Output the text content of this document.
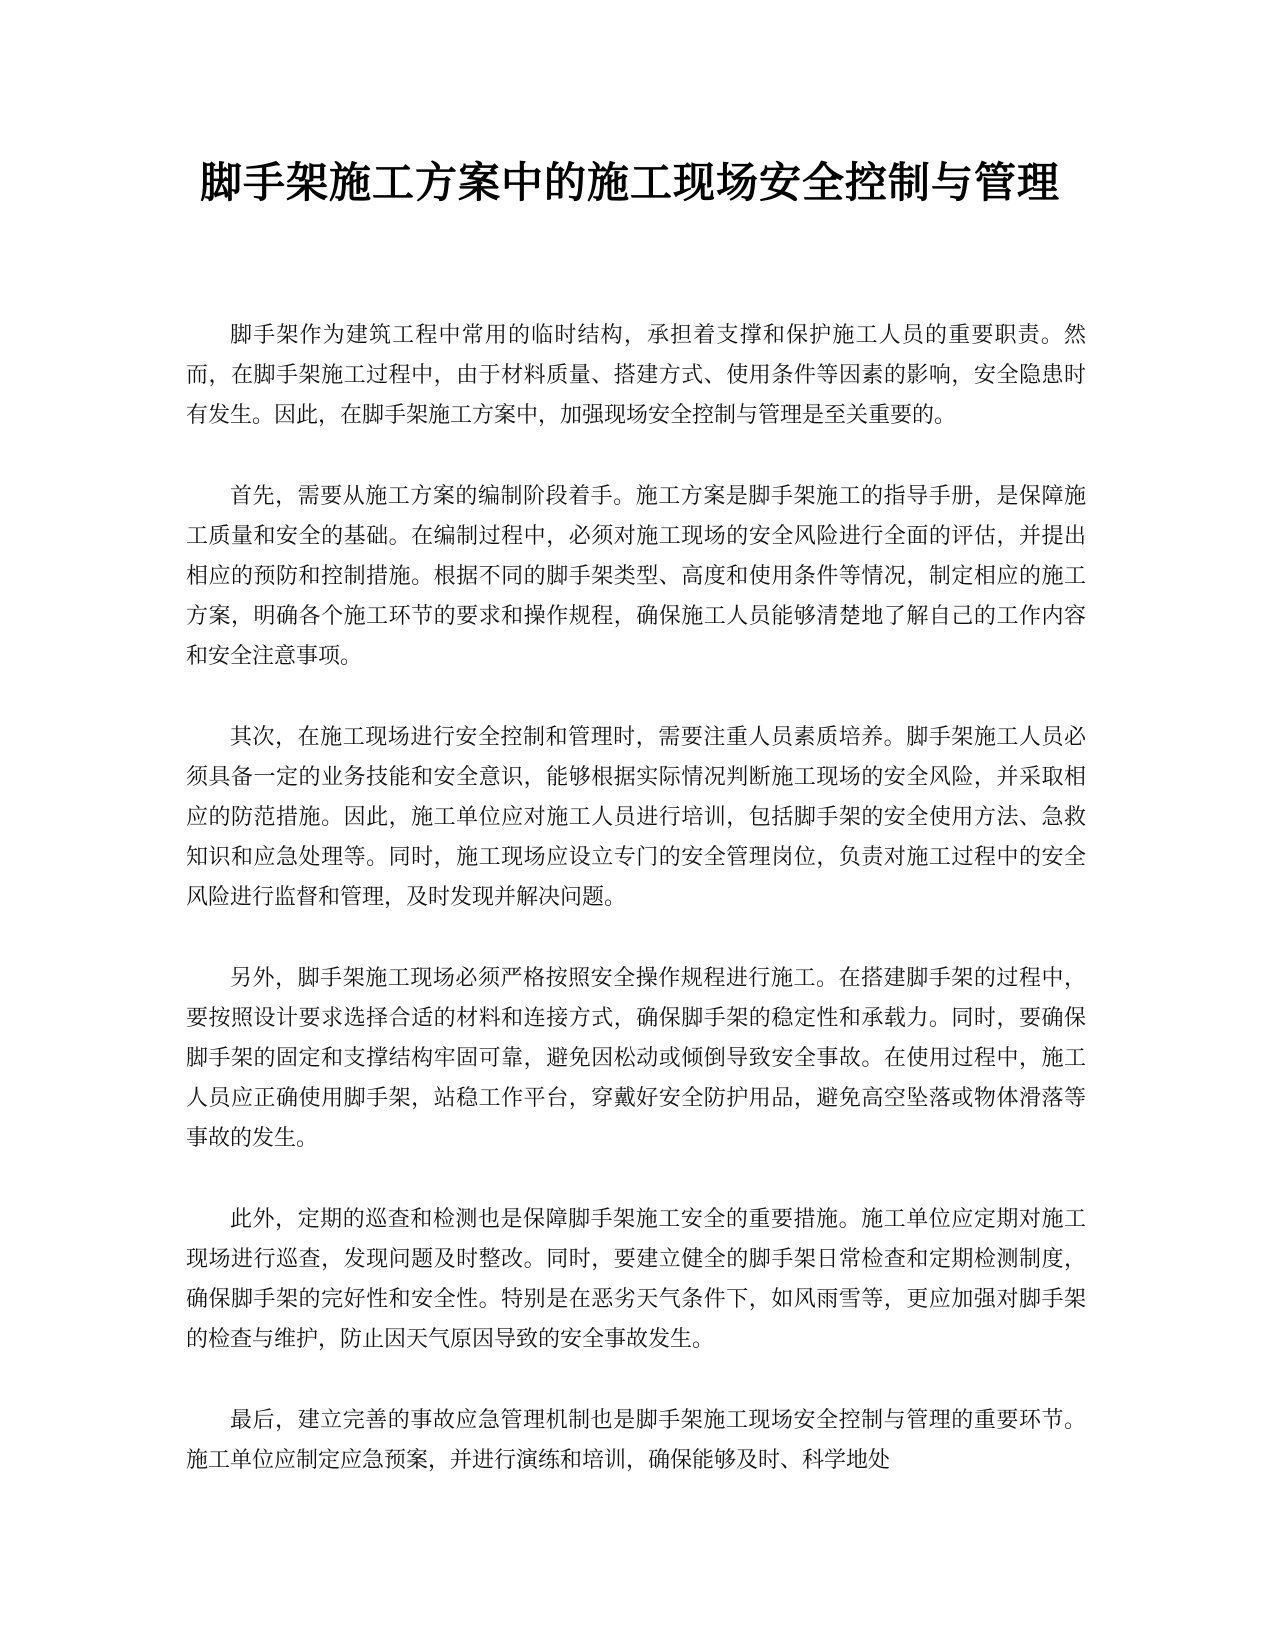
脚手架施工方案中的施工现场安全控制与管理

脚手架作为建筑工程中常用的临时结构，承担着支撑和保护施工人员的重要职责。然而，在脚手架施工过程中，由于材料质量、搭建方式、使用条件等因素的影响，安全隐患时有发生。因此，在脚手架施工方案中，加强现场安全控制与管理是至关重要的。

首先，需要从施工方案的编制阶段着手。施工方案是脚手架施工的指导手册，是保障施工质量和安全的基础。在编制过程中，必须对施工现场的安全风险进行全面的评估，并提出相应的预防和控制措施。根据不同的脚手架类型、高度和使用条件等情况，制定相应的施工方案，明确各个施工环节的要求和操作规程，确保施工人员能够清楚地了解自己的工作内容和安全注意事项。

其次，在施工现场进行安全控制和管理时，需要注重人员素质培养。脚手架施工人员必须具备一定的业务技能和安全意识，能够根据实际情况判断施工现场的安全风险，并采取相应的防范措施。因此，施工单位应对施工人员进行培训，包括脚手架的安全使用方法、急救知识和应急处理等。同时，施工现场应设立专门的安全管理岗位，负责对施工过程中的安全风险进行监督和管理，及时发现并解决问题。

另外，脚手架施工现场必须严格按照安全操作规程进行施工。在搭建脚手架的过程中，要按照设计要求选择合适的材料和连接方式，确保脚手架的稳定性和承载力。同时，要确保脚手架的固定和支撑结构牢固可靠，避免因松动或倾倒导致安全事故。在使用过程中，施工人员应正确使用脚手架，站稳工作平台，穿戴好安全防护用品，避免高空坠落或物体滑落等事故的发生。

此外，定期的巡查和检测也是保障脚手架施工安全的重要措施。施工单位应定期对施工现场进行巡查，发现问题及时整改。同时，要建立健全的脚手架日常检查和定期检测制度，确保脚手架的完好性和安全性。特别是在恶劣天气条件下，如风雨雪等，更应加强对脚手架的检查与维护，防止因天气原因导致的安全事故发生。

最后，建立完善的事故应急管理机制也是脚手架施工现场安全控制与管理的重要环节。施工单位应制定应急预案，并进行演练和培训，确保能够及时、科学地处
